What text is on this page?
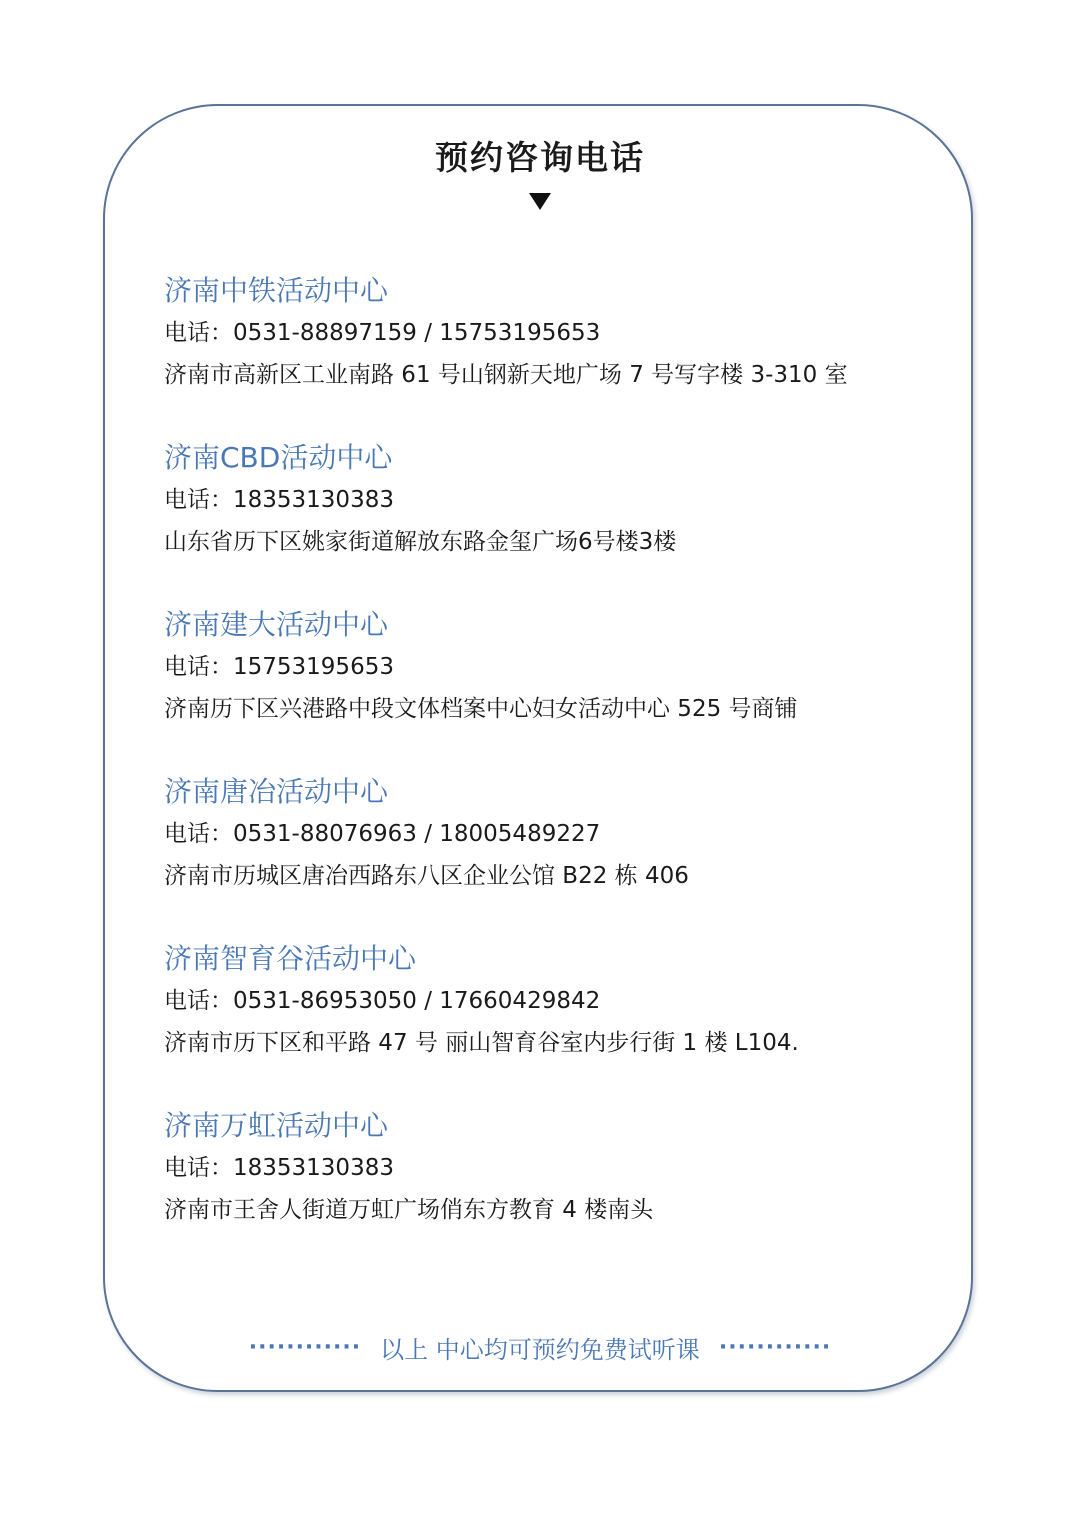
预约咨询电话
济南中铁活动中心
电话：0531-88897159 / 15753195653
济南市高新区工业南路 61 号山钢新天地广场 7 号写字楼 3-310 室
济南CBD活动中心
电话：18353130383
山东省历下区姚家街道解放东路金玺广场6号楼3楼
济南建大活动中心
电话：15753195653
济南历下区兴港路中段文体档案中心妇女活动中心 525 号商铺
济南唐冶活动中心
电话：0531-88076963 / 18005489227
济南市历城区唐冶西路东八区企业公馆 B22 栋 406
济南智育谷活动中心
电话：0531-86953050 / 17660429842
济南市历下区和平路 47 号 丽山智育谷室内步行街 1 楼 L104.
济南万虹活动中心
电话：18353130383
济南市王舍人街道万虹广场俏东方教育 4 楼南头
············ 以上 中心均可预约免费试听课 ············
